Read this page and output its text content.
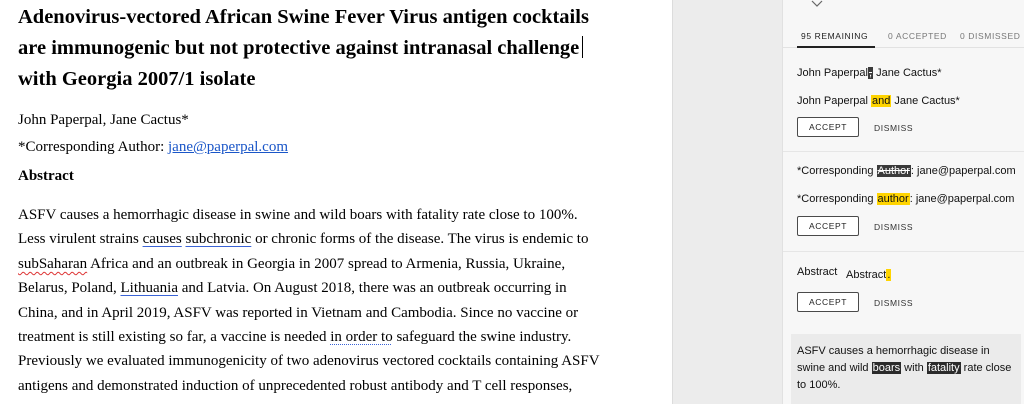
Adenovirus-vectored African Swine Fever Virus antigen cocktails
are immunogenic but not protective against intranasal challenge
with Georgia 2007/1 isolate
John Paperpal, Jane Cactus*
*Corresponding Author: jane@paperpal.com
Abstract
ASFV causes a hemorrhagic disease in swine and wild boars with fatality rate close to 100%.
Less virulent strains causes subchronic or chronic forms of the disease. The virus is endemic to
subSaharan Africa and an outbreak in Georgia in 2007 spread to Armenia, Russia, Ukraine,
Belarus, Poland, Lithuania and Latvia. On August 2018, there was an outbreak occurring in
China, and in April 2019, ASFV was reported in Vietnam and Cambodia. Since no vaccine or
treatment is still existing so far, a vaccine is needed in order to safeguard the swine industry.
Previously we evaluated immunogenicity of two adenovirus vectored cocktails containing ASFV
antigens and demonstrated induction of unprecedented robust antibody and T cell responses,
95 REMAINING 0 ACCEPTED 0 DISMISSED
John Paperpal, Jane Cactus*
John Paperpal and Jane Cactus*
ACCEPT	DISMISS
*Corresponding Author: jane@paperpal.com
*Corresponding author: jane@paperpal.com
ACCEPT	DISMISS
Abstract Abstract.
ACCEPT	DISMISS
ASFV causes a hemorrhagic disease in swine and wild boars with fatality rate close to 100%.
